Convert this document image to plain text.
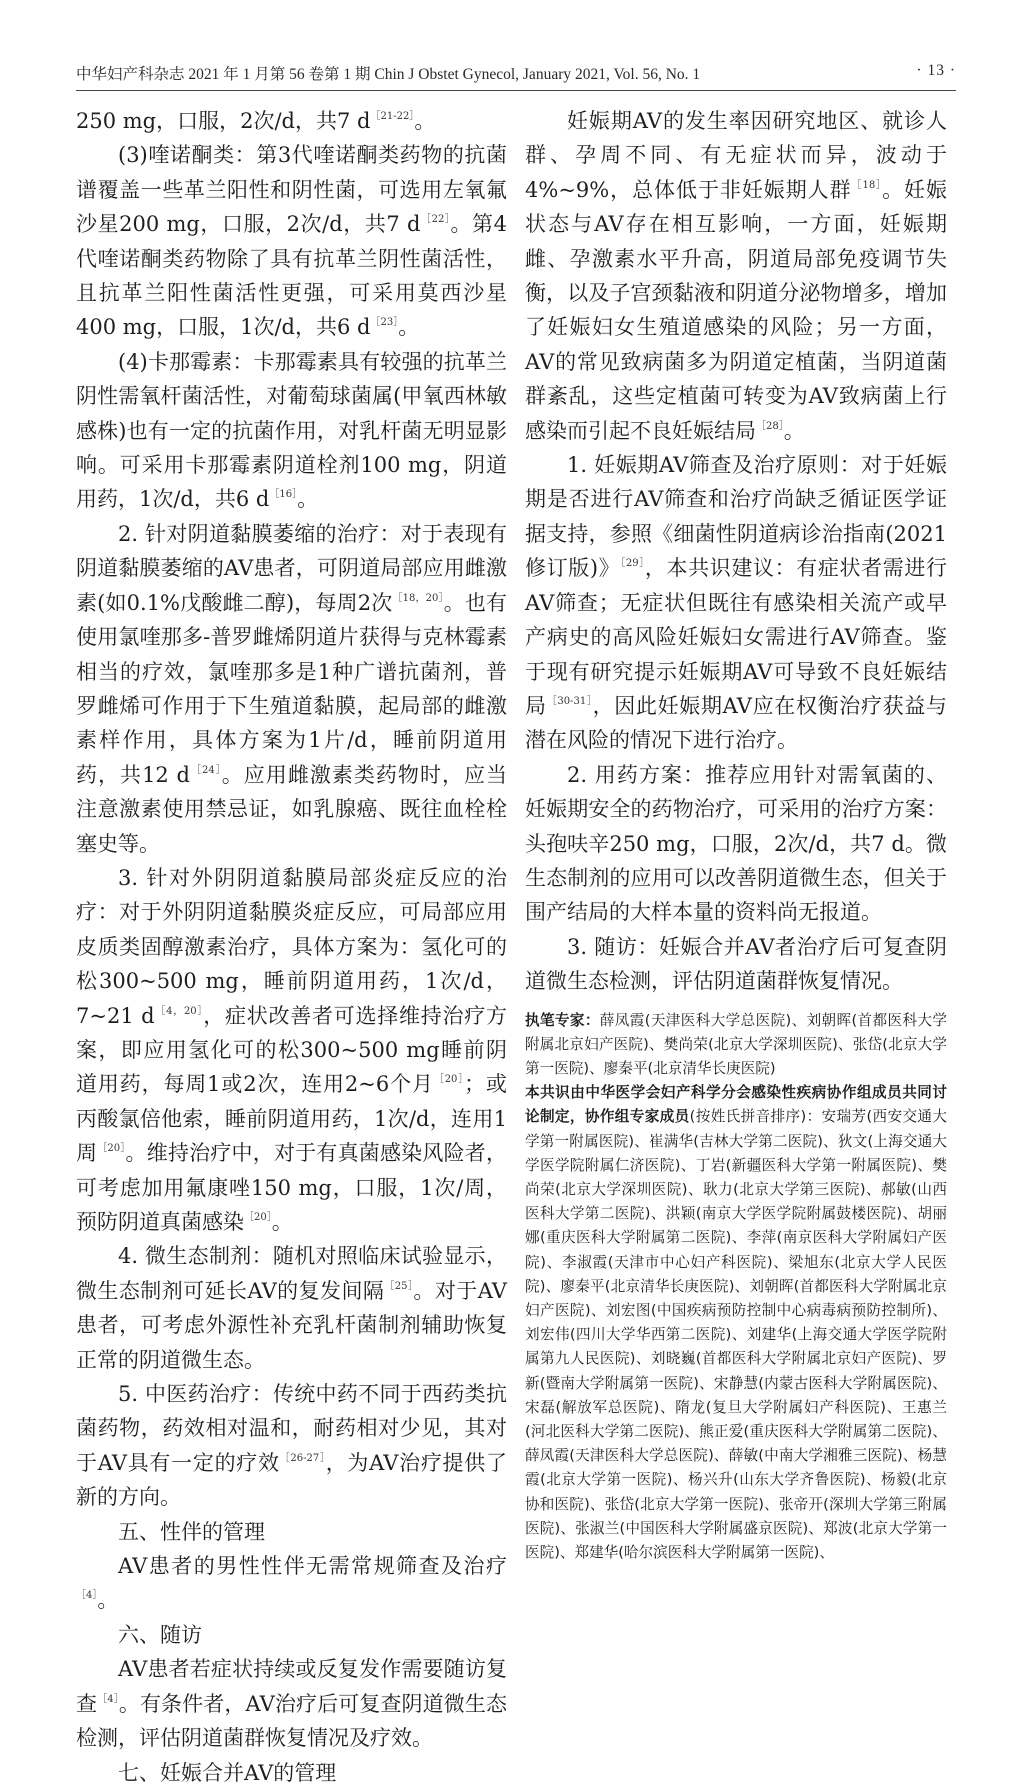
中华妇产科杂志 2021 年 1 月第 56 卷第 1 期 Chin J Obstet Gynecol, January 2021, Vol. 56, No. 1	· 13 ·

250 mg，口服，2次/d，共7 $d^{[21‑22]}$。

(3)喹诺酮类：第3代喹诺酮类药物的抗菌谱覆盖一些革兰阳性和阴性菌，可选用左氧氟沙星200 mg，口服，2次/d，共7 $d^{[22]}$。第4代喹诺酮类药物除了具有抗革兰阴性菌活性，且抗革兰阳性菌活性更强，可采用莫西沙星400 mg，口服，1次/d，共6 $d^{[23]}$。

(4)卡那霉素：卡那霉素具有较强的抗革兰阴性需氧杆菌活性，对葡萄球菌属(甲氧西林敏感株)也有一定的抗菌作用，对乳杆菌无明显影响。可采用卡那霉素阴道栓剂100 mg，阴道用药，1次/d，共6 $d^{[16]}$。

2. 针对阴道黏膜萎缩的治疗：对于表现有阴道黏膜萎缩的AV患者，可阴道局部应用雌激素(如0.1%戊酸雌二醇)，每周2次$^{[18,20]}$。也有使用氯喹那多‑普罗雌烯阴道片获得与克林霉素相当的疗效，氯喹那多是1种广谱抗菌剂，普罗雌烯可作用于下生殖道黏膜，起局部的雌激素样作用，具体方案为1片/d，睡前阴道用药，共12 $d^{[24]}$。应用雌激素类药物时，应当注意激素使用禁忌证，如乳腺癌、既往血栓栓塞史等。

3. 针对外阴阴道黏膜局部炎症反应的治疗：对于外阴阴道黏膜炎症反应，可局部应用皮质类固醇激素治疗，具体方案为：氢化可的松300~500 mg，睡前阴道用药，1次/d，7~21 $d^{[4,20]}$，症状改善者可选择维持治疗方案，即应用氢化可的松300~500 mg睡前阴道用药，每周1或2次，连用2~6个月$^{[20]}$；或丙酸氯倍他索，睡前阴道用药，1次/d，连用1周$^{[20]}$。维持治疗中，对于有真菌感染风险者，可考虑加用氟康唑150 mg，口服，1次/周，预防阴道真菌感染$^{[20]}$。

4. 微生态制剂：随机对照临床试验显示，微生态制剂可延长AV的复发间隔$^{[25]}$。对于AV患者，可考虑外源性补充乳杆菌制剂辅助恢复正常的阴道微生态。

5. 中医药治疗：传统中药不同于西药类抗菌药物，药效相对温和，耐药相对少见，其对于AV具有一定的疗效$^{[26‑27]}$，为AV治疗提供了新的方向。

五、性伴的管理

AV患者的男性性伴无需常规筛查及治疗$^{[4]}$。

六、随访

AV患者若症状持续或反复发作需要随访复查$^{[4]}$。有条件者，AV治疗后可复查阴道微生态检测，评估阴道菌群恢复情况及疗效。

七、妊娠合并AV的管理

妊娠期AV的发生率因研究地区、就诊人群、孕周不同、有无症状而异，波动于4%~9%，总体低于非妊娠期人群$^{[18]}$。妊娠状态与AV存在相互影响，一方面，妊娠期雌、孕激素水平升高，阴道局部免疫调节失衡，以及子宫颈黏液和阴道分泌物增多，增加了妊娠妇女生殖道感染的风险；另一方面，AV的常见致病菌多为阴道定植菌，当阴道菌群紊乱，这些定植菌可转变为AV致病菌上行感染而引起不良妊娠结局$^{[28]}$。

1. 妊娠期AV筛查及治疗原则：对于妊娠期是否进行AV筛查和治疗尚缺乏循证医学证据支持，参照《细菌性阴道病诊治指南(2021修订版)》$^{[29]}$，本共识建议：有症状者需进行AV筛查；无症状但既往有感染相关流产或早产病史的高风险妊娠妇女需进行AV筛查。鉴于现有研究提示妊娠期AV可导致不良妊娠结局$^{[30‑31]}$，因此妊娠期AV应在权衡治疗获益与潜在风险的情况下进行治疗。

2. 用药方案：推荐应用针对需氧菌的、妊娠期安全的药物治疗，可采用的治疗方案：头孢呋辛250 mg，口服，2次/d，共7 d。微生态制剂的应用可以改善阴道微生态，但关于围产结局的大样本量的资料尚无报道。

3. 随访：妊娠合并AV者治疗后可复查阴道微生态检测，评估阴道菌群恢复情况。

执笔专家：薛凤霞(天津医科大学总医院)、刘朝晖(首都医科大学附属北京妇产医院)、樊尚荣(北京大学深圳医院)、张岱(北京大学第一医院)、廖秦平(北京清华长庚医院)

本共识由中华医学会妇产科学分会感染性疾病协作组成员共同讨论制定，协作组专家成员(按姓氏拼音排序)：安瑞芳(西安交通大学第一附属医院)、崔满华(吉林大学第二医院)、狄文(上海交通大学医学院附属仁济医院)、丁岩(新疆医科大学第一附属医院)、樊尚荣(北京大学深圳医院)、耿力(北京大学第三医院)、郝敏(山西医科大学第二医院)、洪颖(南京大学医学院附属鼓楼医院)、胡丽娜(重庆医科大学附属第二医院)、李萍(南京医科大学附属妇产医院)、李淑霞(天津市中心妇产科医院)、梁旭东(北京大学人民医院)、廖秦平(北京清华长庚医院)、刘朝晖(首都医科大学附属北京妇产医院)、刘宏图(中国疾病预防控制中心病毒病预防控制所)、刘宏伟(四川大学华西第二医院)、刘建华(上海交通大学医学院附属第九人民医院)、刘晓巍(首都医科大学附属北京妇产医院)、罗新(暨南大学附属第一医院)、宋静慧(内蒙古医科大学附属医院)、宋磊(解放军总医院)、隋龙(复旦大学附属妇产科医院)、王惠兰(河北医科大学第二医院)、熊正爱(重庆医科大学附属第二医院)、薛凤霞(天津医科大学总医院)、薛敏(中南大学湘雅三医院)、杨慧霞(北京大学第一医院)、杨兴升(山东大学齐鲁医院)、杨毅(北京协和医院)、张岱(北京大学第一医院)、张帝开(深圳大学第三附属医院)、张淑兰(中国医科大学附属盛京医院)、郑波(北京大学第一医院)、郑建华(哈尔滨医科大学附属第一医院)、
